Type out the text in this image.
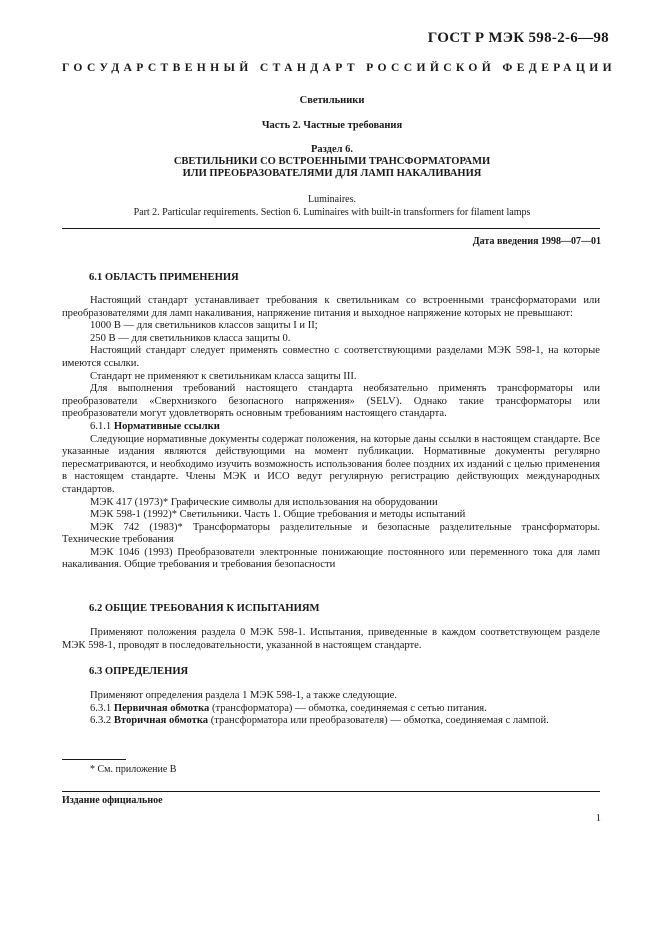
ГОСТ Р МЭК 598-2-6—98
ГОСУДАРСТВЕННЫЙ СТАНДАРТ РОССИЙСКОЙ ФЕДЕРАЦИИ
Светильники
Часть 2. Частные требования
Раздел 6.
СВЕТИЛЬНИКИ СО ВСТРОЕННЫМИ ТРАНСФОРМАТОРАМИ
ИЛИ ПРЕОБРАЗОВАТЕЛЯМИ ДЛЯ ЛАМП НАКАЛИВАНИЯ
Luminaires.
Part 2. Particular requirements. Section 6. Luminaires with built-in transformers for filament lamps
Дата введения 1998—07—01
6.1 ОБЛАСТЬ ПРИМЕНЕНИЯ

Настоящий стандарт устанавливает требования к светильникам со встроенными трансформаторами или преобразователями для ламп накаливания, напряжение питания и выходное напряжение которых не превышают:

1000 В — для светильников классов защиты I и II;

250 В — для светильников класса защиты 0.

Настоящий стандарт следует применять совместно с соответствующими разделами МЭК 598-1, на которые имеются ссылки.

Стандарт не применяют к светильникам класса защиты III.

Для выполнения требований настоящего стандарта необязательно применять трансформаторы или преобразователи «Сверхнизкого безопасного напряжения» (SELV). Однако такие трансформаторы или преобразователи могут удовлетворять основным требованиям настоящего стандарта.

6.1.1 Нормативные ссылки

Следующие нормативные документы содержат положения, на которые даны ссылки в настоящем стандарте. Все указанные издания являются действующими на момент публикации. Нормативные документы регулярно пересматриваются, и необходимо изучить возможность использования более поздних их изданий с целью применения в настоящем стандарте. Члены МЭК и ИСО ведут регулярную регистрацию действующих международных стандартов.

МЭК 417 (1973)* Графические символы для использования на оборудовании

МЭК 598-1 (1992)* Светильники. Часть 1. Общие требования и методы испытаний

МЭК 742 (1983)* Трансформаторы разделительные и безопасные разделительные трансформаторы. Технические требования

МЭК 1046 (1993) Преобразователи электронные понижающие постоянного или переменного тока для ламп накаливания. Общие требования и требования безопасности

6.2 ОБЩИЕ ТРЕБОВАНИЯ К ИСПЫТАНИЯМ

Применяют положения раздела 0 МЭК 598-1. Испытания, приведенные в каждом соответствующем разделе МЭК 598-1, проводят в последовательности, указанной в настоящем стандарте.

6.3 ОПРЕДЕЛЕНИЯ

Применяют определения раздела 1 МЭК 598-1, а также следующие.

6.3.1 Первичная обмотка (трансформатора) — обмотка, соединяемая с сетью питания.

6.3.2 Вторичная обмотка (трансформатора или преобразователя) — обмотка, соединяемая с лампой.

* См. приложение В
Издание официальное
1
